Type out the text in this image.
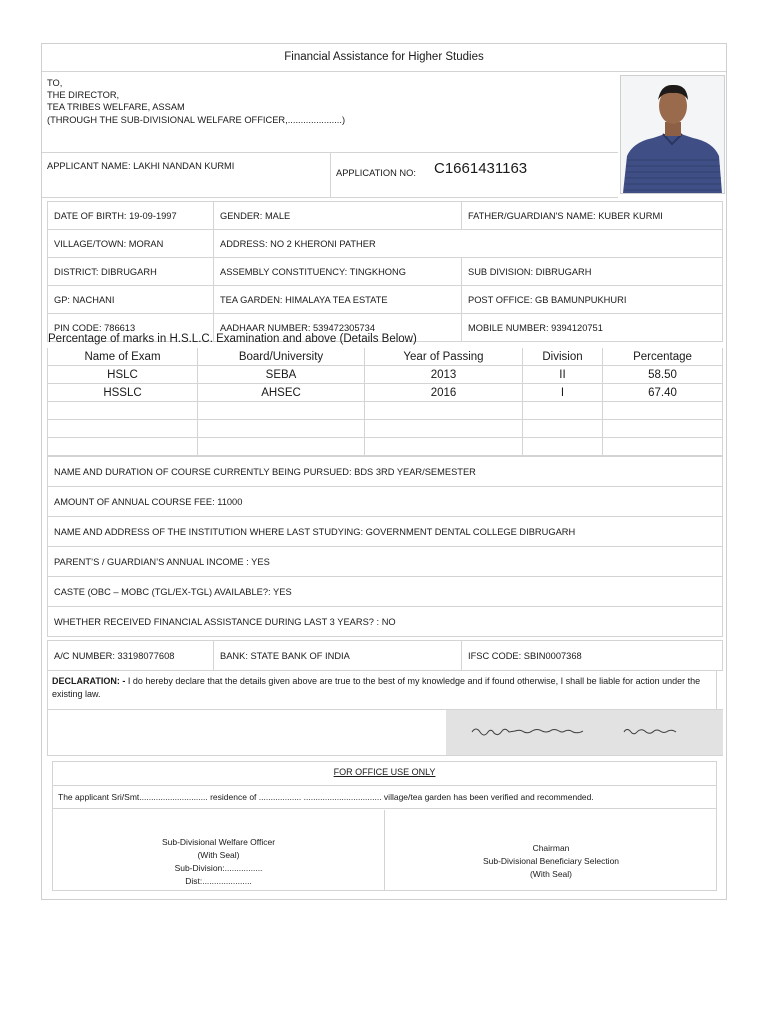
Financial Assistance for Higher Studies
TO,
THE DIRECTOR,
TEA TRIBES WELFARE, ASSAM
(THROUGH THE SUB-DIVISIONAL WELFARE OFFICER,.....................)
APPLICANT NAME: LAKHI NANDAN KURMI
APPLICATION NO: C1661431163
DATE OF BIRTH: 19-09-1997	GENDER: MALE	FATHER/GUARDIAN'S NAME: KUBER KURMI
VILLAGE/TOWN: MORAN	ADDRESS: NO 2 KHERONI PATHER	
DISTRICT: DIBRUGARH	ASSEMBLY CONSTITUENCY: TINGKHONG	SUB DIVISION: DIBRUGARH
GP: NACHANI	TEA GARDEN: HIMALAYA TEA ESTATE	POST OFFICE: GB BAMUNPUKHURI
PIN CODE: 786613	AADHAAR NUMBER: 539472305734	MOBILE NUMBER: 9394120751
Percentage of marks in H.S.L.C. Examination and above (Details Below)
Name of Exam	Board/University	Year of Passing	Division	Percentage
HSLC	SEBA	2013	II	58.50
HSSLC	AHSEC	2016	I	67.40

NAME AND DURATION OF COURSE CURRENTLY BEING PURSUED: BDS 3RD YEAR/SEMESTER
AMOUNT OF ANNUAL COURSE FEE: 11000
NAME AND ADDRESS OF THE INSTITUTION WHERE LAST STUDYING: GOVERNMENT DENTAL COLLEGE DIBRUGARH
PARENT’S / GUARDIAN’S ANNUAL INCOME : YES
CASTE (OBC – MOBC (TGL/EX-TGL) AVAILABLE?: YES
WHETHER RECEIVED FINANCIAL ASSISTANCE DURING LAST 3 YEARS? : NO
A/C NUMBER: 33198077608	BANK: STATE BANK OF INDIA	IFSC CODE: SBIN0007368
DECLARATION: - I do hereby declare that the details given above are true to the best of my knowledge and if found otherwise, I shall be liable for action under the existing law.
FOR OFFICE USE ONLY
The applicant Sri/Smt............................. residence of .................. ................................. village/tea garden has been verified and recommended.
Sub-Divisional Welfare Officer
(With Seal)
Sub-Division:................
Dist:.....................
Chairman
Sub-Divisional Beneficiary Selection
(With Seal)
